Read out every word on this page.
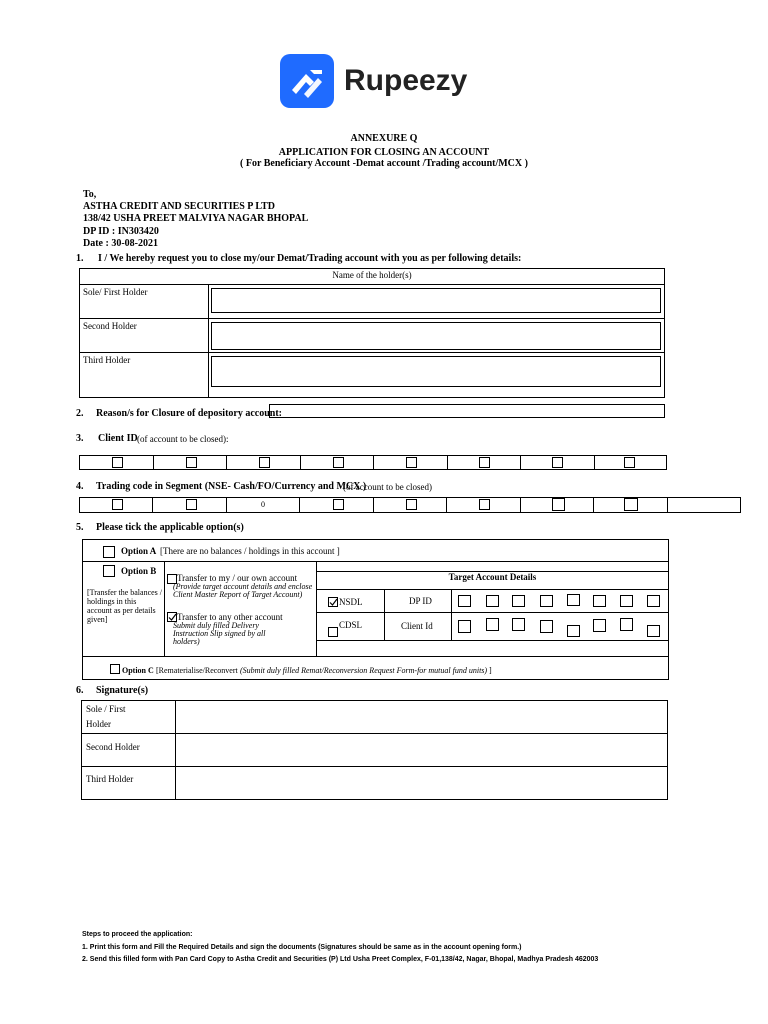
Rupeezy
ANNEXURE Q
APPLICATION FOR CLOSING AN ACCOUNT
( For Beneficiary Account -Demat account /Trading account/MCX )
To,
ASTHA CREDIT AND SECURITIES P LTD
138/42 USHA PREET MALVIYA NAGAR BHOPAL
DP ID : IN303420
Date : 30-08-2021
1. I / We hereby request you to close my/our Demat/Trading account with you as per following details:
Name of the holder(s)
Sole/ First Holder
Second Holder
Third Holder
2. Reason/s for Closure of depository account:
3. Client ID (of account to be closed):
4. Trading code in Segment (NSE- Cash/FO/Currency and MCX )
(of account to be closed)
0
5. Please tick the applicable option(s)
Option A [There are no balances / holdings in this account ]
Option B
[Transfer the balances / holdings in this account as per details given]
Transfer to my / our own account
(Provide target account details and enclose Client Master Report of Target Account)
Transfer to any other account
Submit duly filled Delivery Instruction Slip signed by all holders)
Target Account Details
NSDL
CDSL
DP ID
Client Id
Option C [Rematerialise/Reconvert (Submit duly filled Remat/Reconversion Request Form-for mutual fund units) ]
6. Signature(s)
Sole / First Holder
Second Holder
Third Holder
Steps to proceed the application:
1. Print this form and Fill the Required Details and sign the documents (Signatures should be same as in the account opening form.)
2. Send this filled form with Pan Card Copy to Astha Credit and Securities (P) Ltd Usha Preet Complex, F-01,138/42, Nagar, Bhopal, Madhya Pradesh 462003
